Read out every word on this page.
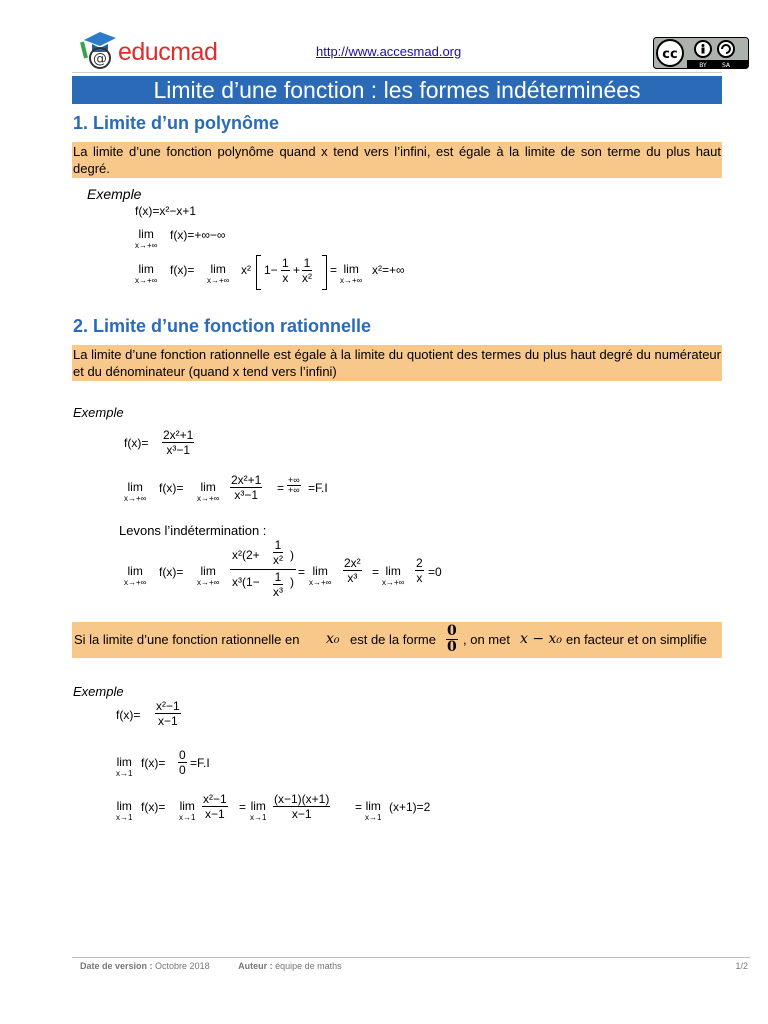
@ educmad	http://www.accesmad.org	cc
BY	SA
Limite d’une fonction : les formes indéterminées
1. Limite d’un polynôme
La limite d’une fonction polynôme quand x tend vers l’infini, est égale à la limite de son terme du plus haut degré.
Exemple
f(x)=x²−x+1
lim
x→+∞
f(x)=+∞−∞
lim
x→+∞
f(x)= lim
x→+∞
x² $1- \frac{1}{x} + \frac{1}{\text{x²}} = \lim$
x→+∞
x²=+∞
2. Limite d’une fonction rationnelle
La limite d’une fonction rationnelle est égale à la limite du quotient des termes du plus haut degré du numérateur et du dénominateur (quand x tend vers l’infini)
Exemple
$f(x)= \frac{\text{2x²+1}}{\text{x³−1}}$
lim
x→+∞
f(x)= lim
$x\to+\infty \frac{\text{2x²+1}}{\text{x³−1}}$ =
+∞
+∞ =F.I
Levons l’indétermination :
lim
x→+∞
f(x)= lim
$x\to+\infty \frac{x^2(2+ \frac{1}{\text{x²}} )}{x^3(1- \frac{1}{\text{x³}} )} = \lim$
$x\to+\infty \frac{\text{2x²}}{\text{x³}} = \lim$
$x\to+\infty \frac{2}{x} =0$
Si la limite d’une fonction rationnelle en x₀ est de la forme
0
0 , on met x − x₀ en facteur et on simplifie
Exemple
$f(x)= \frac{\text{x²−1}}{x-1}$
lim
x→1
$f(x)= \frac{0}{0} =F.I$
lim
x→1
f(x)= lim
$x\to 1 \frac{\text{x²−1}}{x-1} = \lim$
$x\to 1 \frac{(x-1)(x+1)}{x-1} = \lim$
x→1
(x+1)=2
Date de version : Octobre 2018	Auteur : équipe de maths	1/2
